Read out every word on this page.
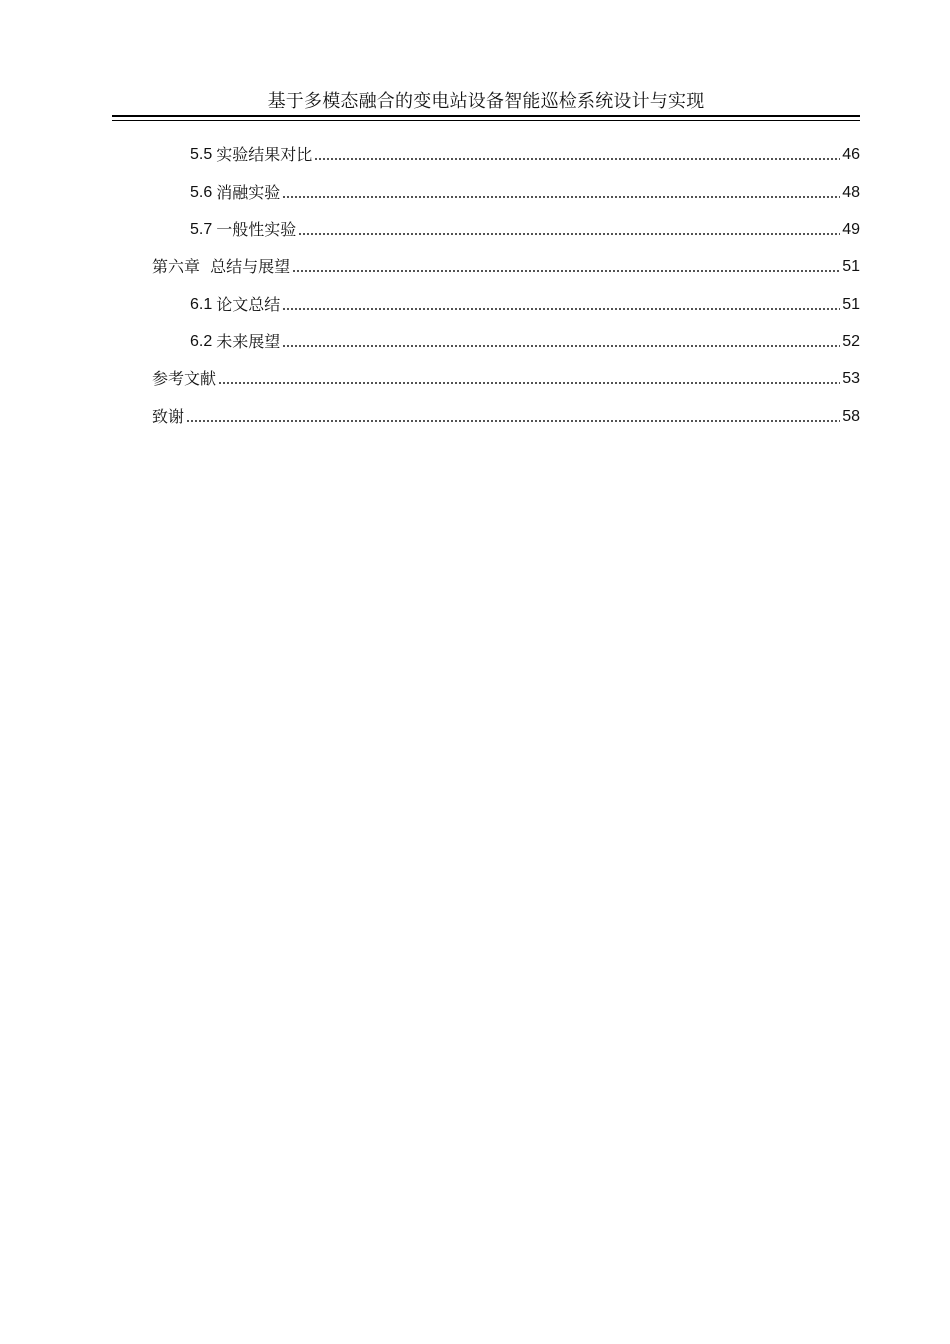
基于多模态融合的变电站设备智能巡检系统设计与实现
5.5 实验结果对比	46
5.6 消融实验	48
5.7 一般性实验	49
第六章  总结与展望	51
6.1 论文总结	51
6.2 未来展望	52
参考文献	53
致谢	58
